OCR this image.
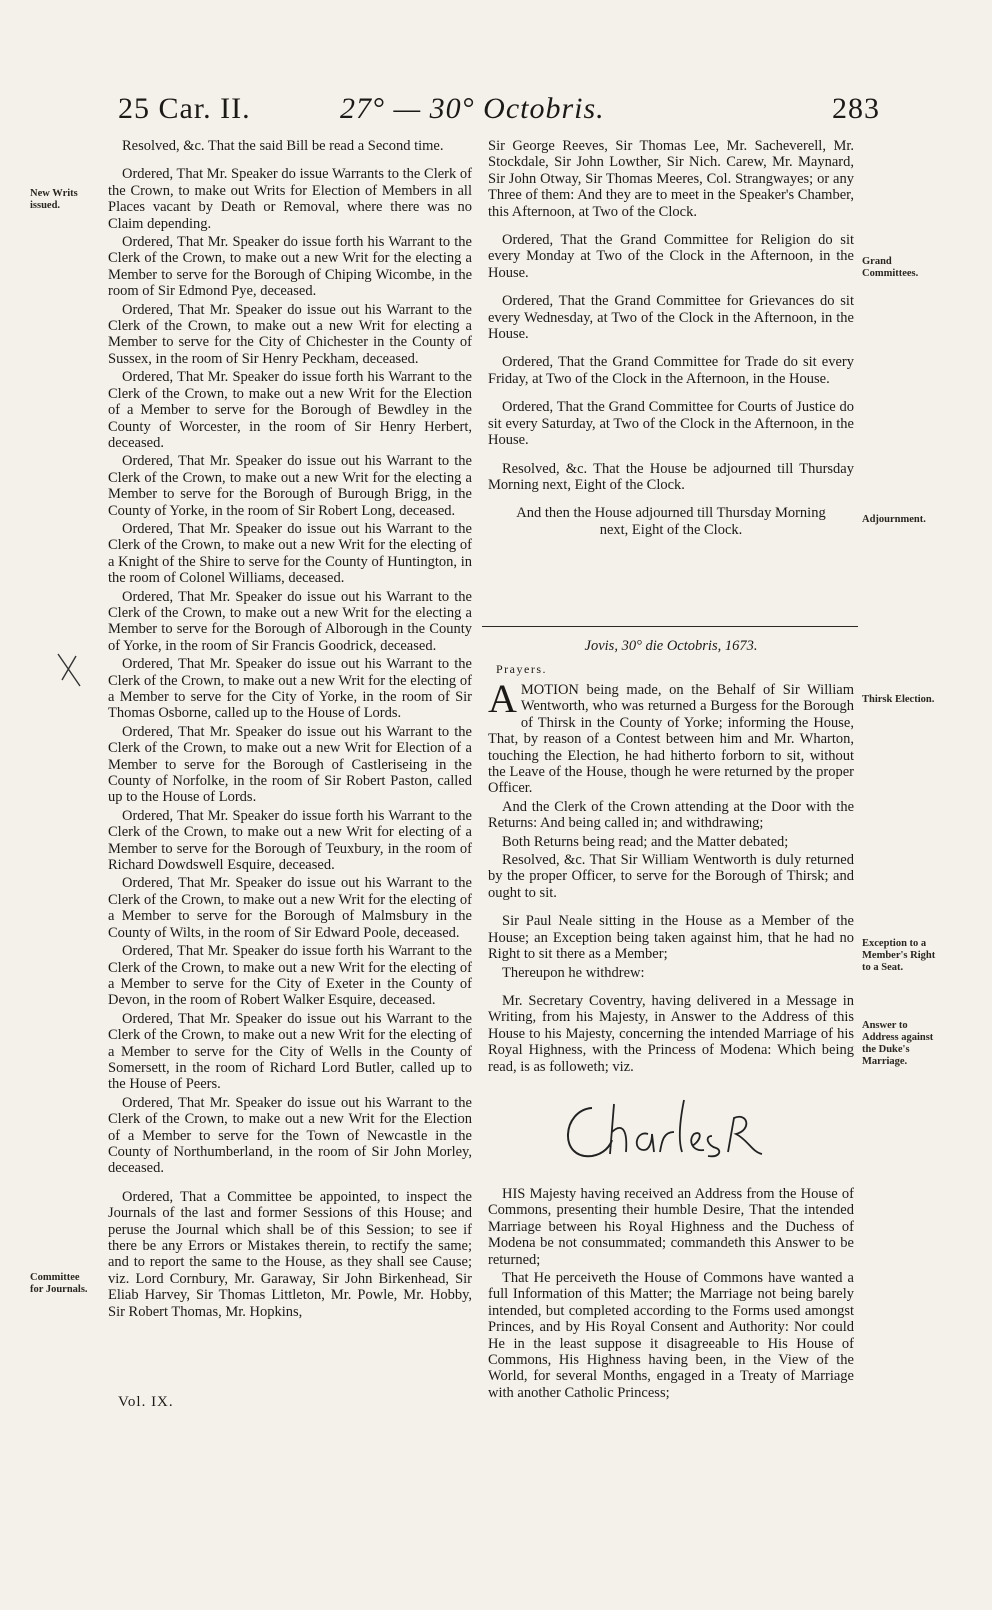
25 Car. II.	27° — 30° Octobris.	283
New Writs issued.
Committee for Journals.
Grand Committees.
Adjournment.
Thirsk Election.
Exception to a Member's Right to a Seat.
Answer to Address against the Duke's Marriage.

Resolved, &c. That the said Bill be read a Second time.

Ordered, That Mr. Speaker do issue Warrants to the Clerk of the Crown, to make out Writs for Election of Members in all Places vacant by Death or Removal, where there was no Claim depending.

Ordered, That Mr. Speaker do issue forth his Warrant to the Clerk of the Crown, to make out a new Writ for the electing a Member to serve for the Borough of Chiping Wicombe, in the room of Sir Edmond Pye, deceased.

Ordered, That Mr. Speaker do issue out his Warrant to the Clerk of the Crown, to make out a new Writ for electing a Member to serve for the City of Chichester in the County of Sussex, in the room of Sir Henry Peckham, deceased.

Ordered, That Mr. Speaker do issue forth his Warrant to the Clerk of the Crown, to make out a new Writ for the Election of a Member to serve for the Borough of Bewdley in the County of Worcester, in the room of Sir Henry Herbert, deceased.

Ordered, That Mr. Speaker do issue out his Warrant to the Clerk of the Crown, to make out a new Writ for the electing a Member to serve for the Borough of Burough Brigg, in the County of Yorke, in the room of Sir Robert Long, deceased.

Ordered, That Mr. Speaker do issue out his Warrant to the Clerk of the Crown, to make out a new Writ for the electing of a Knight of the Shire to serve for the County of Huntington, in the room of Colonel Williams, deceased.

Ordered, That Mr. Speaker do issue out his Warrant to the Clerk of the Crown, to make out a new Writ for the electing a Member to serve for the Borough of Alborough in the County of Yorke, in the room of Sir Francis Goodrick, deceased.

Ordered, That Mr. Speaker do issue out his Warrant to the Clerk of the Crown, to make out a new Writ for the electing of a Member to serve for the City of Yorke, in the room of Sir Thomas Osborne, called up to the House of Lords.

Ordered, That Mr. Speaker do issue out his Warrant to the Clerk of the Crown, to make out a new Writ for Election of a Member to serve for the Borough of Castleriseing in the County of Norfolke, in the room of Sir Robert Paston, called up to the House of Lords.

Ordered, That Mr. Speaker do issue forth his Warrant to the Clerk of the Crown, to make out a new Writ for electing of a Member to serve for the Borough of Teuxbury, in the room of Richard Dowdswell Esquire, deceased.

Ordered, That Mr. Speaker do issue out his Warrant to the Clerk of the Crown, to make out a new Writ for the electing of a Member to serve for the Borough of Malmsbury in the County of Wilts, in the room of Sir Edward Poole, deceased.

Ordered, That Mr. Speaker do issue forth his Warrant to the Clerk of the Crown, to make out a new Writ for the electing of a Member to serve for the City of Exeter in the County of Devon, in the room of Robert Walker Esquire, deceased.

Ordered, That Mr. Speaker do issue out his Warrant to the Clerk of the Crown, to make out a new Writ for the electing of a Member to serve for the City of Wells in the County of Somersett, in the room of Richard Lord Butler, called up to the House of Peers.

Ordered, That Mr. Speaker do issue out his Warrant to the Clerk of the Crown, to make out a new Writ for the Election of a Member to serve for the Town of Newcastle in the County of Northumberland, in the room of Sir John Morley, deceased.

Ordered, That a Committee be appointed, to inspect the Journals of the last and former Sessions of this House; and peruse the Journal which shall be of this Session; to see if there be any Errors or Mistakes therein, to rectify the same; and to report the same to the House, as they shall see Cause; viz. Lord Cornbury, Mr. Garaway, Sir John Birkenhead, Sir Eliab Harvey, Sir Thomas Littleton, Mr. Powle, Mr. Hobby, Sir Robert Thomas, Mr. Hopkins,

Sir George Reeves, Sir Thomas Lee, Mr. Sacheverell, Mr. Stockdale, Sir John Lowther, Sir Nich. Carew, Mr. Maynard, Sir John Otway, Sir Thomas Meeres, Col. Strangwayes; or any Three of them: And they are to meet in the Speaker's Chamber, this Afternoon, at Two of the Clock.

Ordered, That the Grand Committee for Religion do sit every Monday at Two of the Clock in the Afternoon, in the House.

Ordered, That the Grand Committee for Grievances do sit every Wednesday, at Two of the Clock in the Afternoon, in the House.

Ordered, That the Grand Committee for Trade do sit every Friday, at Two of the Clock in the Afternoon, in the House.

Ordered, That the Grand Committee for Courts of Justice do sit every Saturday, at Two of the Clock in the Afternoon, in the House.

Resolved, &c. That the House be adjourned till Thursday Morning next, Eight of the Clock.

And then the House adjourned till Thursday Morning next, Eight of the Clock.

Jovis, 30° die Octobris, 1673.
Prayers.

A MOTION being made, on the Behalf of Sir William Wentworth, who was returned a Burgess for the Borough of Thirsk in the County of Yorke; informing the House, That, by reason of a Contest between him and Mr. Wharton, touching the Election, he had hitherto forborn to sit, without the Leave of the House, though he were returned by the proper Officer.

And the Clerk of the Crown attending at the Door with the Returns: And being called in; and withdrawing;

Both Returns being read; and the Matter debated;

Resolved, &c. That Sir William Wentworth is duly returned by the proper Officer, to serve for the Borough of Thirsk; and ought to sit.

Sir Paul Neale sitting in the House as a Member of the House; an Exception being taken against him, that he had no Right to sit there as a Member;

Thereupon he withdrew:

Mr. Secretary Coventry, having delivered in a Message in Writing, from his Majesty, in Answer to the Address of this House to his Majesty, concerning the intended Marriage of his Royal Highness, with the Princess of Modena: Which being read, is as followeth; viz.

HIS Majesty having received an Address from the House of Commons, presenting their humble Desire, That the intended Marriage between his Royal Highness and the Duchess of Modena be not consummated; commandeth this Answer to be returned;

That He perceiveth the House of Commons have wanted a full Information of this Matter; the Marriage not being barely intended, but completed according to the Forms used amongst Princes, and by His Royal Consent and Authority: Nor could He in the least suppose it disagreeable to His House of Commons, His Highness having been, in the View of the World, for several Months, engaged in a Treaty of Marriage with another Catholic Princess;

Vol. IX.
